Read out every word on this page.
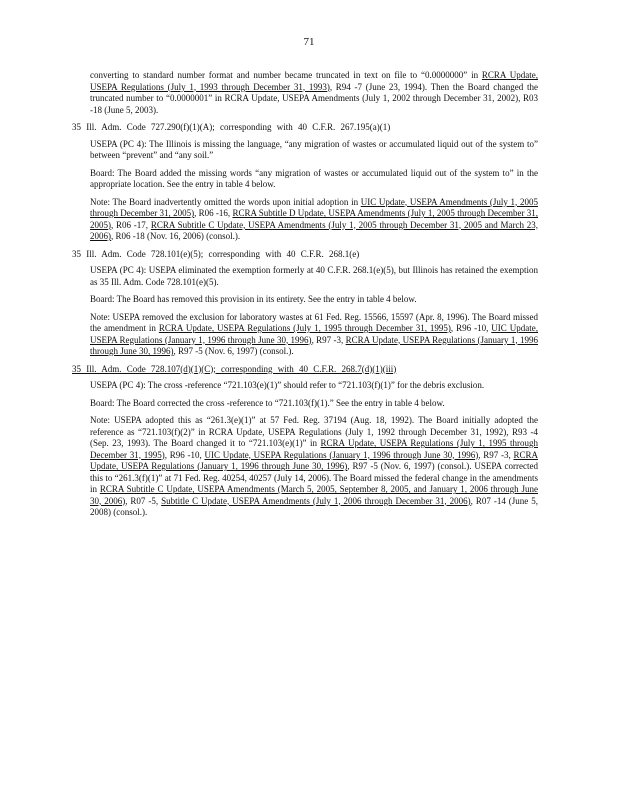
71
converting to standard number format and number became truncated in text on file to “0.0000000” in RCRA Update, USEPA Regulations (July 1, 1993 through December 31, 1993), R94 -7 (June 23, 1994). Then the Board changed the truncated number to “0.0000001” in RCRA Update, USEPA Amendments (July 1, 2002 through December 31, 2002), R03 -18 (June 5, 2003).
35 Ill. Adm. Code 727.290(f)(1)(A); corresponding with 40 C.F.R. 267.195(a)(1)
USEPA (PC 4): The Illinois is missing the language, “any migration of wastes or accumulated liquid out of the system to” between “prevent” and “any soil.”
Board: The Board added the missing words “any migration of wastes or accumulated liquid out of the system to” in the appropriate location. See the entry in table 4 below.
Note: The Board inadvertently omitted the words upon initial adoption in UIC Update, USEPA Amendments (July 1, 2005 through December 31, 2005), R06 -16, RCRA Subtitle D Update, USEPA Amendments (July 1, 2005 through December 31, 2005), R06 -17, RCRA Subtitle C Update, USEPA Amendments (July 1, 2005 through December 31, 2005 and March 23, 2006), R06 -18 (Nov. 16, 2006) (consol.).
35 Ill. Adm. Code 728.101(e)(5); corresponding with 40 C.F.R. 268.1(e)
USEPA (PC 4): USEPA eliminated the exemption formerly at 40 C.F.R. 268.1(e)(5), but Illinois has retained the exemption as 35 Ill. Adm. Code 728.101(e)(5).
Board: The Board has removed this provision in its entirety. See the entry in table 4 below.
Note: USEPA removed the exclusion for laboratory wastes at 61 Fed. Reg. 15566, 15597 (Apr. 8, 1996). The Board missed the amendment in RCRA Update, USEPA Regulations (July 1, 1995 through December 31, 1995), R96 -10, UIC Update, USEPA Regulations (January 1, 1996 through June 30, 1996), R97 -3, RCRA Update, USEPA Regulations (January 1, 1996 through June 30, 1996), R97 -5 (Nov. 6, 1997) (consol.).
35 Ill. Adm. Code 728.107(d)(1)(C); corresponding with 40 C.F.R. 268.7(d)(1)(iii)
USEPA (PC 4): The cross -reference “721.103(e)(1)” should refer to “721.103(f)(1)” for the debris exclusion.
Board: The Board corrected the cross -reference to “721.103(f)(1).” See the entry in table 4 below.
Note: USEPA adopted this as “261.3(e)(1)” at 57 Fed. Reg. 37194 (Aug. 18, 1992). The Board initially adopted the reference as “721.103(f)(2)” in RCRA Update, USEPA Regulations (July 1, 1992 through December 31, 1992), R93 -4 (Sep. 23, 1993). The Board changed it to “721.103(e)(1)” in RCRA Update, USEPA Regulations (July 1, 1995 through December 31, 1995), R96 -10, UIC Update, USEPA Regulations (January 1, 1996 through June 30, 1996), R97 -3, RCRA Update, USEPA Regulations (January 1, 1996 through June 30, 1996), R97 -5 (Nov. 6, 1997) (consol.). USEPA corrected this to “261.3(f)(1)” at 71 Fed. Reg. 40254, 40257 (July 14, 2006). The Board missed the federal change in the amendments in RCRA Subtitle C Update, USEPA Amendments (March 5, 2005, September 8, 2005, and January 1, 2006 through June 30, 2006), R07 -5, Subtitle C Update, USEPA Amendments (July 1, 2006 through December 31, 2006), R07 -14 (June 5, 2008) (consol.).
